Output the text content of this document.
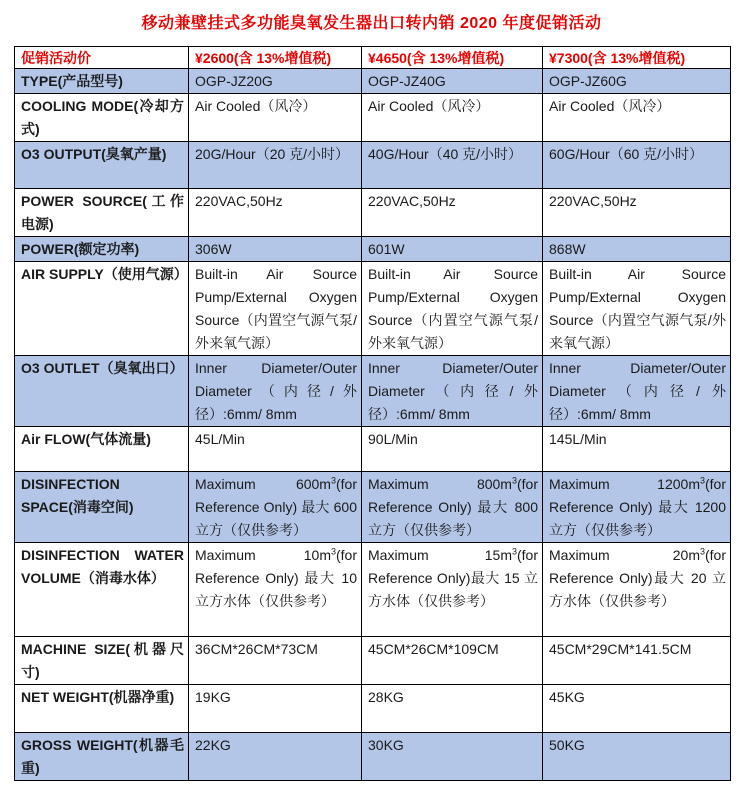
移动兼壁挂式多功能臭氧发生器出口转内销 2020 年度促销活动
促销活动价	¥2600(含 13%增值税)	¥4650(含 13%增值税)	¥7300(含 13%增值税)
TYPE(产品型号)	OGP-JZ20G	OGP-JZ40G	OGP-JZ60G
COOLING MODE(冷却方式)	Air Cooled（风冷）	Air Cooled（风冷）	Air Cooled（风冷）
O3 OUTPUT(臭氧产量)	20G/Hour（20 克/小时）	40G/Hour（40 克/小时）	60G/Hour（60 克/小时）
POWER SOURCE(工作电源)	220VAC,50Hz	220VAC,50Hz	220VAC,50Hz
POWER(额定功率)	306W	601W	868W
AIR SUPPLY（使用气源）	Built-in Air Source Pump/External Oxygen Source（内置空气源气泵/外来氧气源）	Built-in Air Source Pump/External Oxygen Source（内置空气源气泵/外来氧气源）	Built-in Air Source Pump/External Oxygen Source（内置空气源气泵/外来氧气源）
O3 OUTLET（臭氧出口）	Inner Diameter/Outer Diameter（内径/外径）:6mm/ 8mm	Inner Diameter/Outer Diameter（内径/外径）:6mm/ 8mm	Inner Diameter/Outer Diameter（内径/外径）:6mm/ 8mm
Air FLOW(气体流量)	45L/Min	90L/Min	145L/Min
DISINFECTION SPACE(消毒空间)	Maximum $600m^3(for$ Reference Only) 最大 600 立方（仅供参考）	Maximum $800m^3(for$ Reference Only) 最大 800 立方（仅供参考）	Maximum $1200m^3(for$ Reference Only) 最大 1200 立方（仅供参考）
DISINFECTION WATER VOLUME（消毒水体）	Maximum $10m^3(for$ Reference Only) 最大 10 立方水体（仅供参考）	Maximum $15m^3(for$ Reference Only)最大 15 立方水体（仅供参考）	Maximum $20m^3(for$ Reference Only)最大 20 立方水体（仅供参考）
MACHINE SIZE(机器尺寸)	36CM*26CM*73CM	45CM*26CM*109CM	45CM*29CM*141.5CM
NET WEIGHT(机器净重)	19KG	28KG	45KG
GROSS WEIGHT(机器毛重)	22KG	30KG	50KG
